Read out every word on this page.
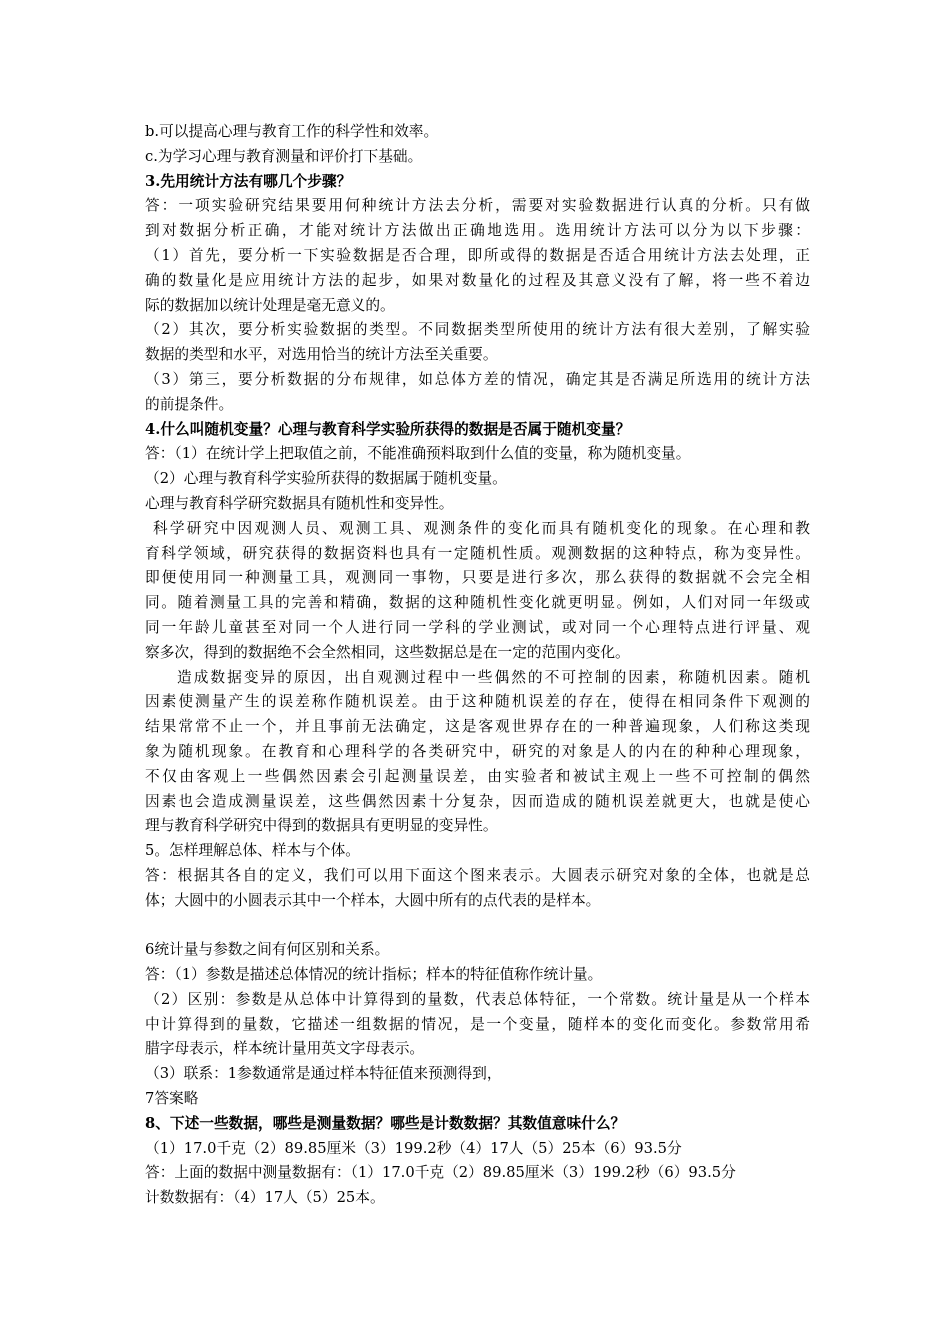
b.可以提高心理与教育工作的科学性和效率。
c.为学习心理与教育测量和评价打下基础。
3.先用统计方法有哪几个步骤？
答：一项实验研究结果要用何种统计方法去分析，需要对实验数据进行认真的分析。只有做
到对数据分析正确，才能对统计方法做出正确地选用。选用统计方法可以分为以下步骤：
（1）首先，要分析一下实验数据是否合理，即所或得的数据是否适合用统计方法去处理，正
确的数量化是应用统计方法的起步，如果对数量化的过程及其意义没有了解，将一些不着边
际的数据加以统计处理是毫无意义的。
（2）其次，要分析实验数据的类型。不同数据类型所使用的统计方法有很大差别，了解实验
数据的类型和水平，对选用恰当的统计方法至关重要。
（3）第三，要分析数据的分布规律，如总体方差的情况，确定其是否满足所选用的统计方法
的前提条件。
4.什么叫随机变量？心理与教育科学实验所获得的数据是否属于随机变量？
答：（1）在统计学上把取值之前，不能准确预料取到什么值的变量，称为随机变量。
（2）心理与教育科学实验所获得的数据属于随机变量。
心理与教育科学研究数据具有随机性和变异性。
科学研究中因观测人员、观测工具、观测条件的变化而具有随机变化的现象。在心理和教
育科学领域，研究获得的数据资料也具有一定随机性质。观测数据的这种特点，称为变异性。
即便使用同一种测量工具，观测同一事物，只要是进行多次，那么获得的数据就不会完全相
同。随着测量工具的完善和精确，数据的这种随机性变化就更明显。例如，人们对同一年级或
同一年龄儿童甚至对同一个人进行同一学科的学业测试，或对同一个心理特点进行评量、观
察多次，得到的数据绝不会全然相同，这些数据总是在一定的范围内变化。
造成数据变异的原因，出自观测过程中一些偶然的不可控制的因素，称随机因素。随机
因素使测量产生的误差称作随机误差。由于这种随机误差的存在，使得在相同条件下观测的
结果常常不止一个，并且事前无法确定，这是客观世界存在的一种普遍现象，人们称这类现
象为随机现象。在教育和心理科学的各类研究中，研究的对象是人的内在的种种心理现象，
不仅由客观上一些偶然因素会引起测量误差，由实验者和被试主观上一些不可控制的偶然
因素也会造成测量误差，这些偶然因素十分复杂，因而造成的随机误差就更大，也就是使心
理与教育科学研究中得到的数据具有更明显的变异性。
5。怎样理解总体、样本与个体。
答：根据其各自的定义，我们可以用下面这个图来表示。大圆表示研究对象的全体，也就是总
体；大圆中的小圆表示其中一个样本，大圆中所有的点代表的是样本。
6统计量与参数之间有何区别和关系。
答：（1）参数是描述总体情况的统计指标；样本的特征值称作统计量。
（2）区别：参数是从总体中计算得到的量数，代表总体特征，一个常数。统计量是从一个样本
中计算得到的量数，它描述一组数据的情况，是一个变量，随样本的变化而变化。参数常用希
腊字母表示，样本统计量用英文字母表示。
（3）联系：1参数通常是通过样本特征值来预测得到，
7答案略
8、下述一些数据，哪些是测量数据？哪些是计数数据？其数值意味什么？
（1）17.0千克（2）89.85厘米（3）199.2秒（4）17人（5）25本（6）93.5分
答：上面的数据中测量数据有：（1）17.0千克（2）89.85厘米（3）199.2秒（6）93.5分
计数数据有：（4）17人（5）25本。
